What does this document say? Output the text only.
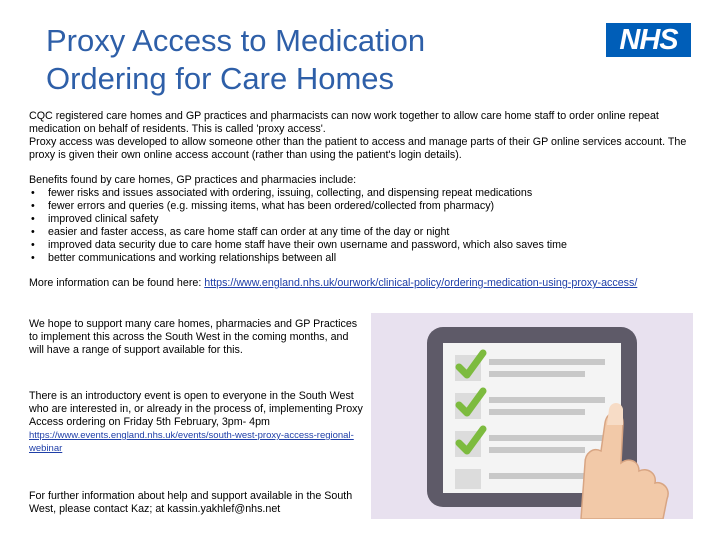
Proxy Access to Medication
Ordering for Care Homes
NHS

CQC registered care homes and GP practices and pharmacists can now work together to allow care home staff to order online repeat medication on behalf of residents. This is called 'proxy access'.

Proxy access was developed to allow someone other than the patient to access and manage parts of their GP online services account. The proxy is given their own online access account (rather than using the patient's login details).

Benefits found by care homes, GP practices and pharmacies include:

• fewer risks and issues associated with ordering, issuing, collecting, and dispensing repeat medications
• fewer errors and queries (e.g. missing items, what has been ordered/collected from pharmacy)
• improved clinical safety
• easier and faster access, as care home staff can order at any time of the day or night
• improved data security due to care home staff have their own username and password, which also saves time
• better communications and working relationships between all
More information can be found here: https://www.england.nhs.uk/ourwork/clinical-policy/ordering-medication-using-proxy-access/

We hope to support many care homes, pharmacies and GP Practices to implement this across the South West in the coming months, and will have a range of support available for this.

There is an introductory event is open to everyone in the South West who are interested in, or already in the process of, implementing Proxy Access ordering on Friday 5th February, 3pm- 4pm

https://www.events.england.nhs.uk/events/south-west-proxy-access-regional-webinar

For further information about help and support available in the South West, please contact Kaz; at kassin.yakhlef@nhs.net
